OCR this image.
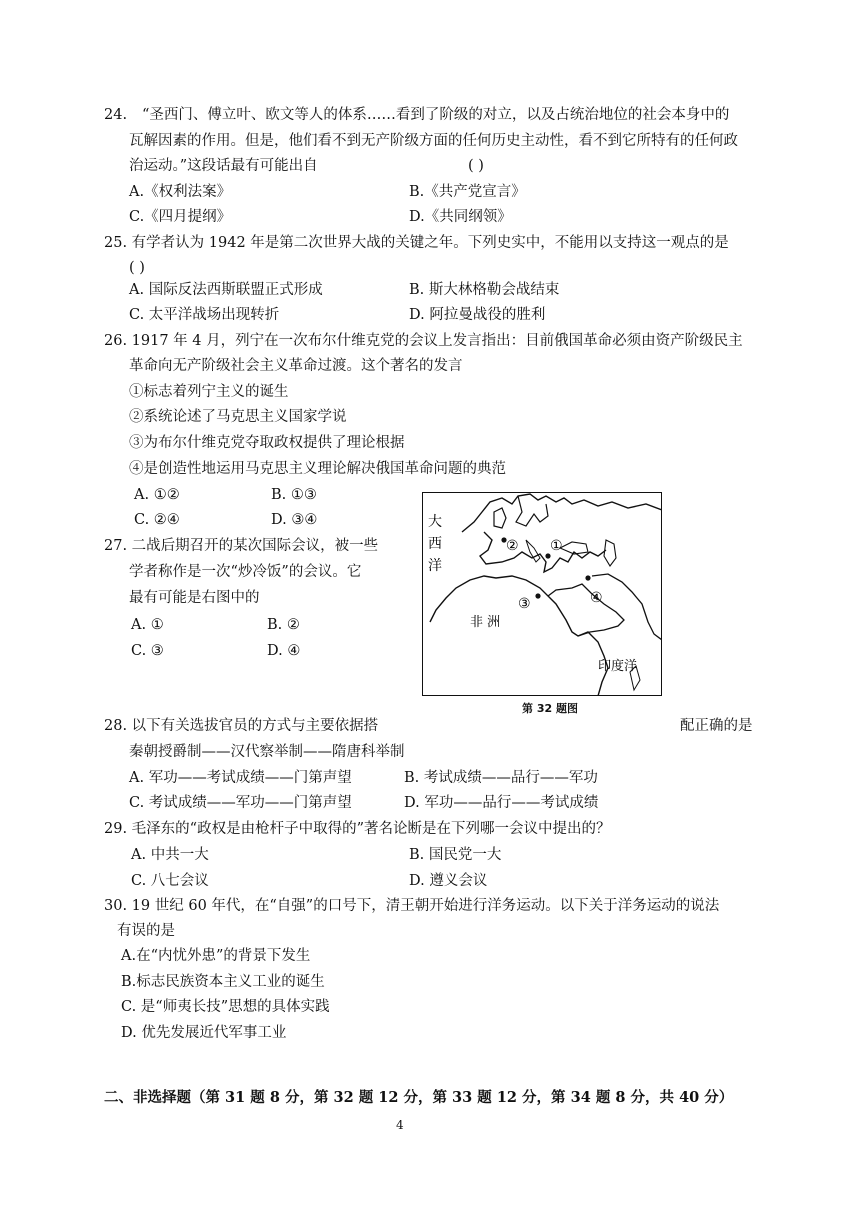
24. “圣西门、傅立叶、欧文等人的体系……看到了阶级的对立，以及占统治地位的社会本身中的
瓦解因素的作用。但是，他们看不到无产阶级方面的任何历史主动性，看不到它所特有的任何政
治运动。”这段话最有可能出自	( )
A.《权利法案》	B.《共产党宣言》
C.《四月提纲》	D.《共同纲领》
25. 有学者认为 1942 年是第二次世界大战的关键之年。下列史实中，不能用以支持这一观点的是
( )
A. 国际反法西斯联盟正式形成	B. 斯大林格勒会战结束
C. 太平洋战场出现转折	D. 阿拉曼战役的胜利
26. 1917 年 4 月，列宁在一次布尔什维克党的会议上发言指出：目前俄国革命必须由资产阶级民主
革命向无产阶级社会主义革命过渡。这个著名的发言
①标志着列宁主义的诞生
②系统论述了马克思主义国家学说
③为布尔什维克党夺取政权提供了理论根据
④是创造性地运用马克思主义理论解决俄国革命问题的典范
A. ①②	B. ①③
C. ②④	D. ③④
27. 二战后期召开的某次国际会议，被一些
学者称作是一次“炒冷饭”的会议。它
最有可能是右图中的
A. ①	B. ②
C. ③	D. ④
大
西
洋
② ①
④
③
非 洲
印度洋
第 32 题图
28. 以下有关选拔官员的方式与主要依据搭	配正确的是
秦朝授爵制——汉代察举制——隋唐科举制
A. 军功——考试成绩——门第声望	B. 考试成绩——品行——军功
C. 考试成绩——军功——门第声望	D. 军功——品行——考试成绩
29. 毛泽东的“政权是由枪杆子中取得的”著名论断是在下列哪一会议中提出的？
A. 中共一大	B. 国民党一大
C. 八七会议	D. 遵义会议
30. 19 世纪 60 年代，在“自强”的口号下，清王朝开始进行洋务运动。以下关于洋务运动的说法
有误的是
A.在“内忧外患”的背景下发生
B.标志民族资本主义工业的诞生
C. 是“师夷长技”思想的具体实践
D. 优先发展近代军事工业
二、非选择题（第 31 题 8 分，第 32 题 12 分，第 33 题 12 分，第 34 题 8 分，共 40 分）
4
